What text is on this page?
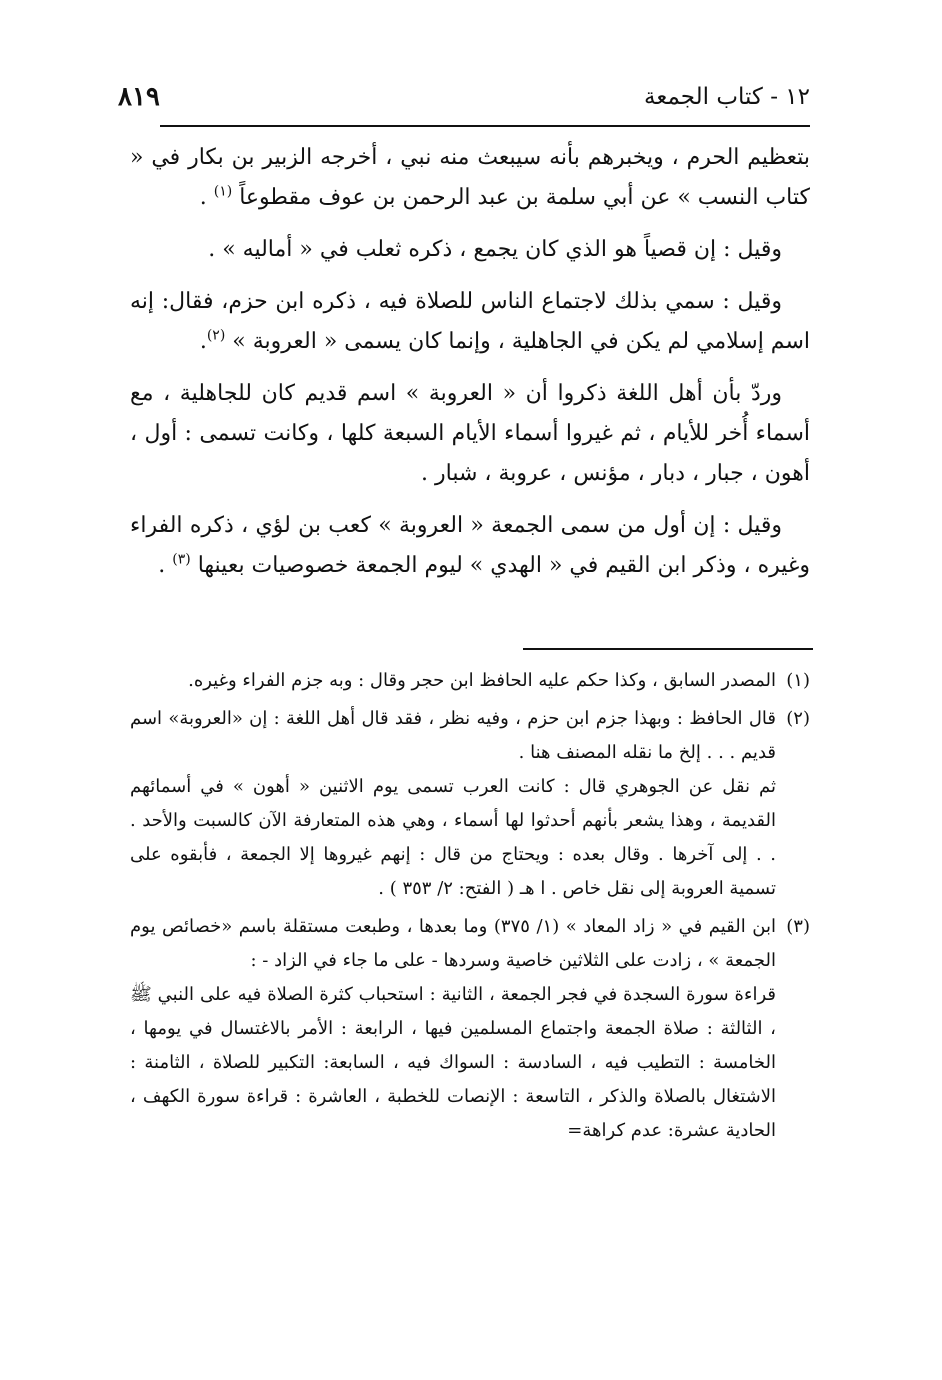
١٢ - كتاب الجمعة
٨١٩

بتعظيم الحرم ، ويخبرهم بأنه سيبعث منه نبي ، أخرجه الزبير بن بكار في « كتاب النسب » عن أبي سلمة بن عبد الرحمن بن عوف مقطوعاً $^{(١)}$ .

وقيل : إن قصياً هو الذي كان يجمع ، ذكره ثعلب في « أماليه » .

وقيل : سمي بذلك لاجتماع الناس للصلاة فيه ، ذكره ابن حزم، فقال: إنه اسم إسلامي لم يكن في الجاهلية ، وإنما كان يسمى « العروبة » $^{(٢)}$.

وردّ بأن أهل اللغة ذكروا أن « العروبة » اسم قديم كان للجاهلية ، مع أسماء أُخر للأيام ، ثم غيروا أسماء الأيام السبعة كلها ، وكانت تسمى : أول ، أهون ، جبار ، دبار ، مؤنس ، عروبة ، شبار .

وقيل : إن أول من سمى الجمعة « العروبة » كعب بن لؤي ، ذكره الفراء وغيره ، وذكر ابن القيم في « الهدي » ليوم الجمعة خصوصيات بعينها $^{(٣)}$ .

(١)

المصدر السابق ، وكذا حكم عليه الحافظ ابن حجر وقال : وبه جزم الفراء وغيره.

(٢)

قال الحافظ : وبهذا جزم ابن حزم ، وفيه نظر ، فقد قال أهل اللغة : إن «العروبة» اسم قديم . . . إلخ ما نقله المصنف هنا .

ثم نقل عن الجوهري قال : كانت العرب تسمى يوم الاثنين « أهون » في أسمائهم القديمة ، وهذا يشعر بأنهم أحدثوا لها أسماء ، وهي هذه المتعارفة الآن كالسبت والأحد . . . إلى آخرها . وقال بعده : ويحتاج من قال : إنهم غيروها إلا الجمعة ، فأبقوه على تسمية العروبة إلى نقل خاص . ا هـ ( الفتح: ٢/ ٣٥٣ ) .

(٣)

ابن القيم في « زاد المعاد » (١/ ٣٧٥) وما بعدها ، وطبعت مستقلة باسم «خصائص يوم الجمعة » ، زادت على الثلاثين خاصية وسردها - على ما جاء في الزاد - :

قراءة سورة السجدة في فجر الجمعة ، الثانية : استحباب كثرة الصلاة فيه على النبي ﷺ ، الثالثة : صلاة الجمعة واجتماع المسلمين فيها ، الرابعة : الأمر بالاغتسال في يومها ، الخامسة : التطيب فيه ، السادسة : السواك فيه ، السابعة: التكبير للصلاة ، الثامنة : الاشتغال بالصلاة والذكر ، التاسعة : الإنصات للخطبة ، العاشرة : قراءة سورة الكهف ، الحادية عشرة: عدم كراهة=
